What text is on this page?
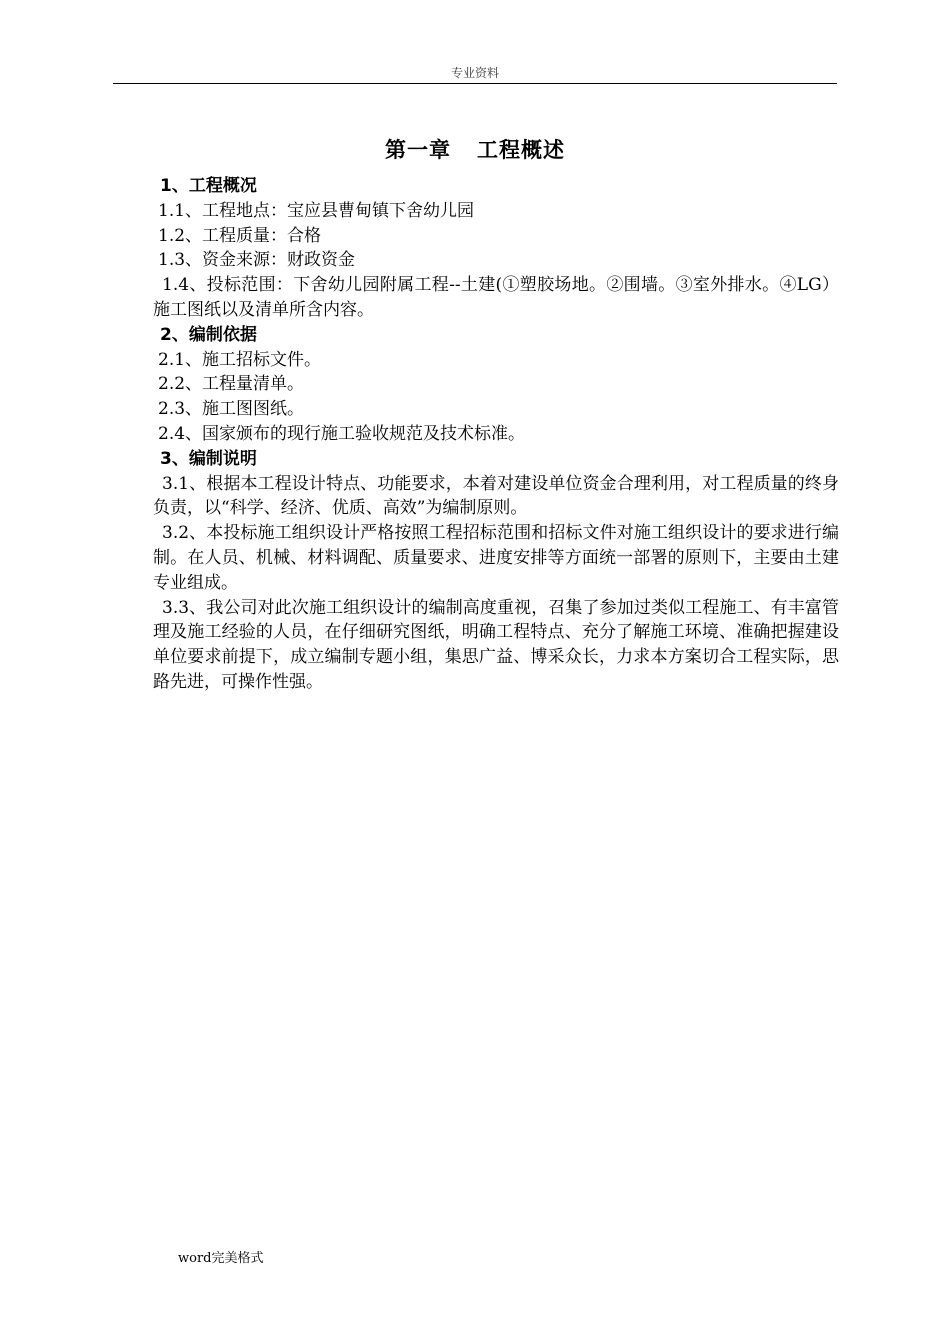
专业资料
第一章 工程概述

1、工程概况

1.1、工程地点：宝应县曹甸镇下舍幼儿园

1.2、工程质量：合格

1.3、资金来源：财政资金

1.4、投标范围：下舍幼儿园附属工程--土建(①塑胶场地。②围墙。③室外排水。④LG）施工图纸以及清单所含内容。

2、编制依据

2.1、施工招标文件。

2.2、工程量清单。

2.3、施工图图纸。

2.4、国家颁布的现行施工验收规范及技术标准。

3、编制说明

3.1、根据本工程设计特点、功能要求，本着对建设单位资金合理利用，对工程质量的终身负责，以“科学、经济、优质、高效”为编制原则。

3.2、本投标施工组织设计严格按照工程招标范围和招标文件对施工组织设计的要求进行编制。在人员、机械、材料调配、质量要求、进度安排等方面统一部署的原则下，主要由土建专业组成。

3.3、我公司对此次施工组织设计的编制高度重视，召集了参加过类似工程施工、有丰富管理及施工经验的人员，在仔细研究图纸，明确工程特点、充分了解施工环境、准确把握建设单位要求前提下，成立编制专题小组，集思广益、博采众长，力求本方案切合工程实际，思路先进，可操作性强。

word完美格式
